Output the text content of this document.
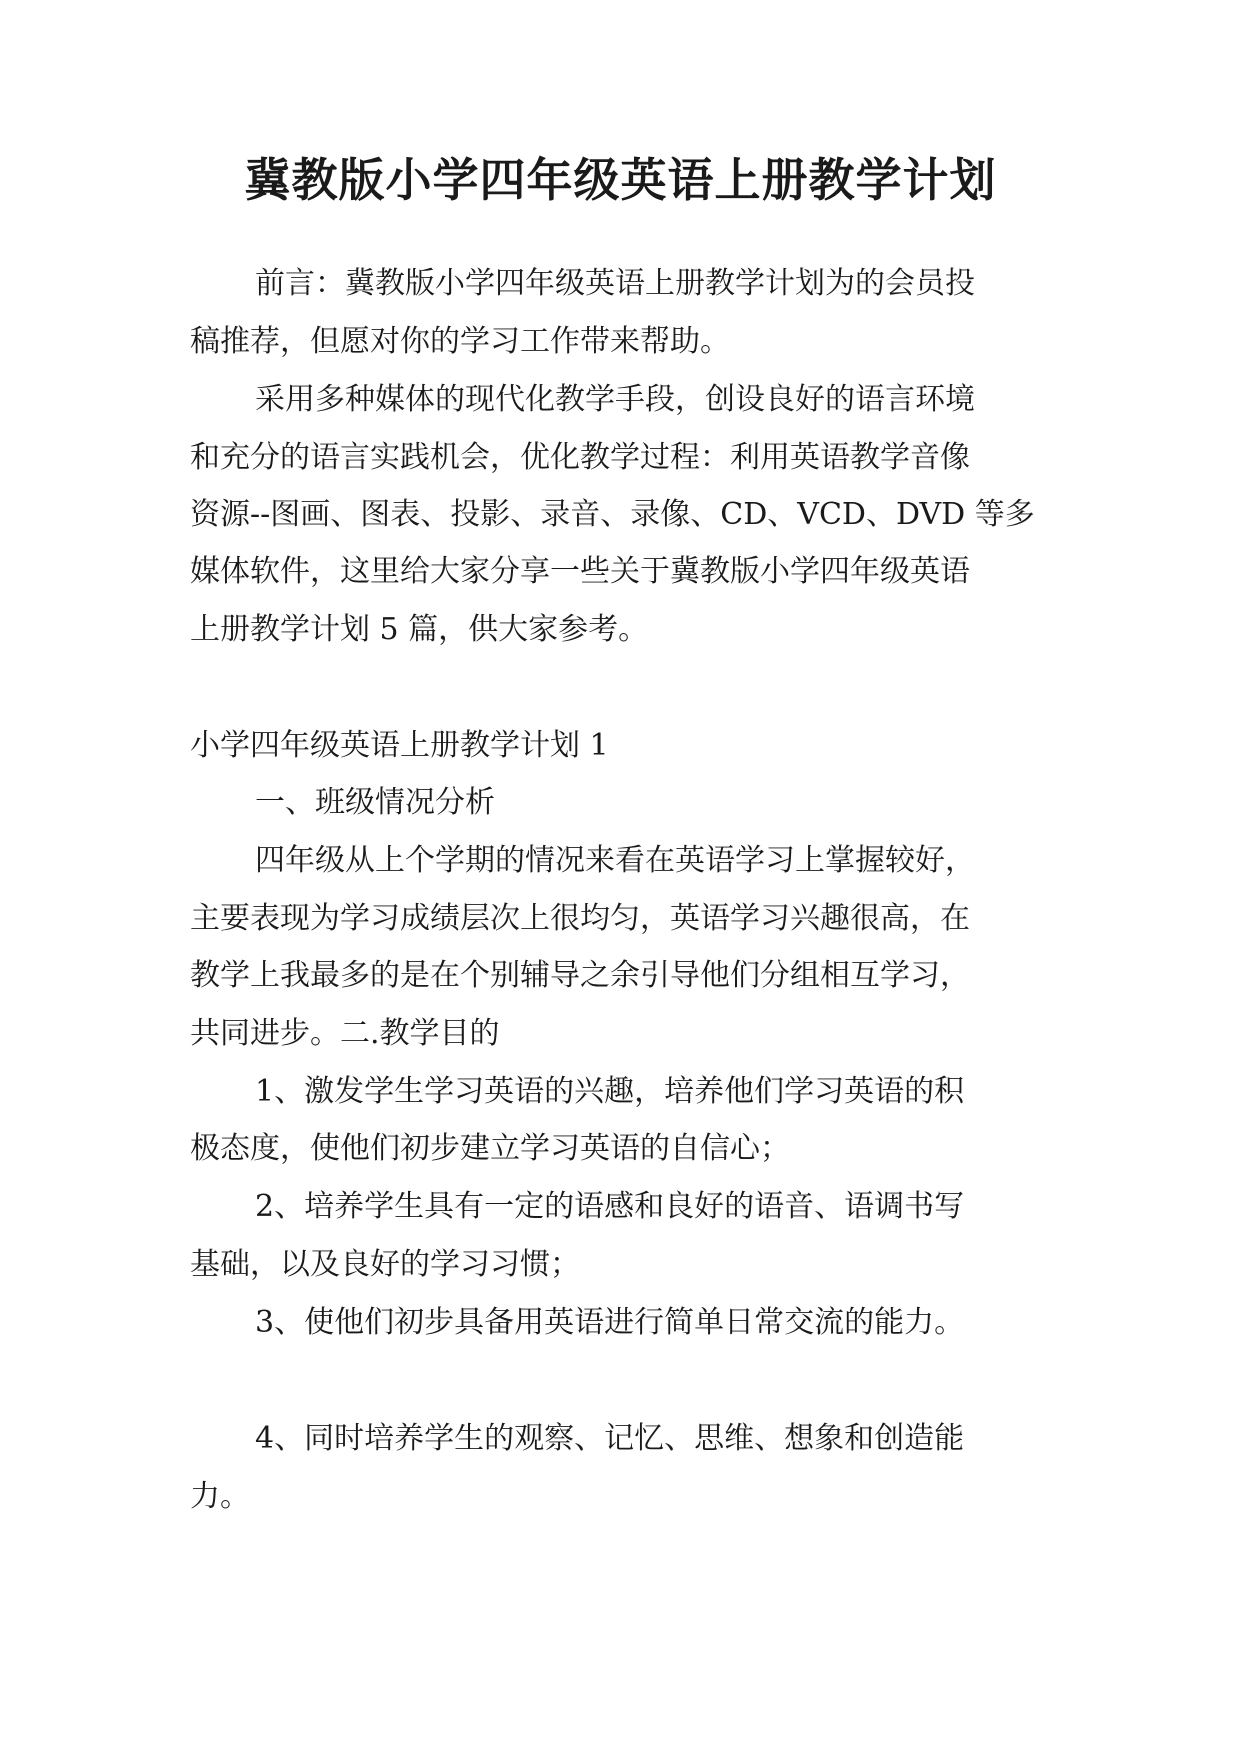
冀教版小学四年级英语上册教学计划

前言：冀教版小学四年级英语上册教学计划为的会员投

稿推荐，但愿对你的学习工作带来帮助。

采用多种媒体的现代化教学手段，创设良好的语言环境

和充分的语言实践机会，优化教学过程：利用英语教学音像

资源--图画、图表、投影、录音、录像、CD、VCD、DVD 等多

媒体软件，这里给大家分享一些关于冀教版小学四年级英语

上册教学计划 5 篇，供大家参考。

小学四年级英语上册教学计划 1

一、班级情况分析

四年级从上个学期的情况来看在英语学习上掌握较好，

主要表现为学习成绩层次上很均匀，英语学习兴趣很高，在

教学上我最多的是在个别辅导之余引导他们分组相互学习，

共同进步。二.教学目的

1、激发学生学习英语的兴趣，培养他们学习英语的积

极态度，使他们初步建立学习英语的自信心；

2、培养学生具有一定的语感和良好的语音、语调书写

基础，以及良好的学习习惯；

3、使他们初步具备用英语进行简单日常交流的能力。

4、同时培养学生的观察、记忆、思维、想象和创造能

力。
